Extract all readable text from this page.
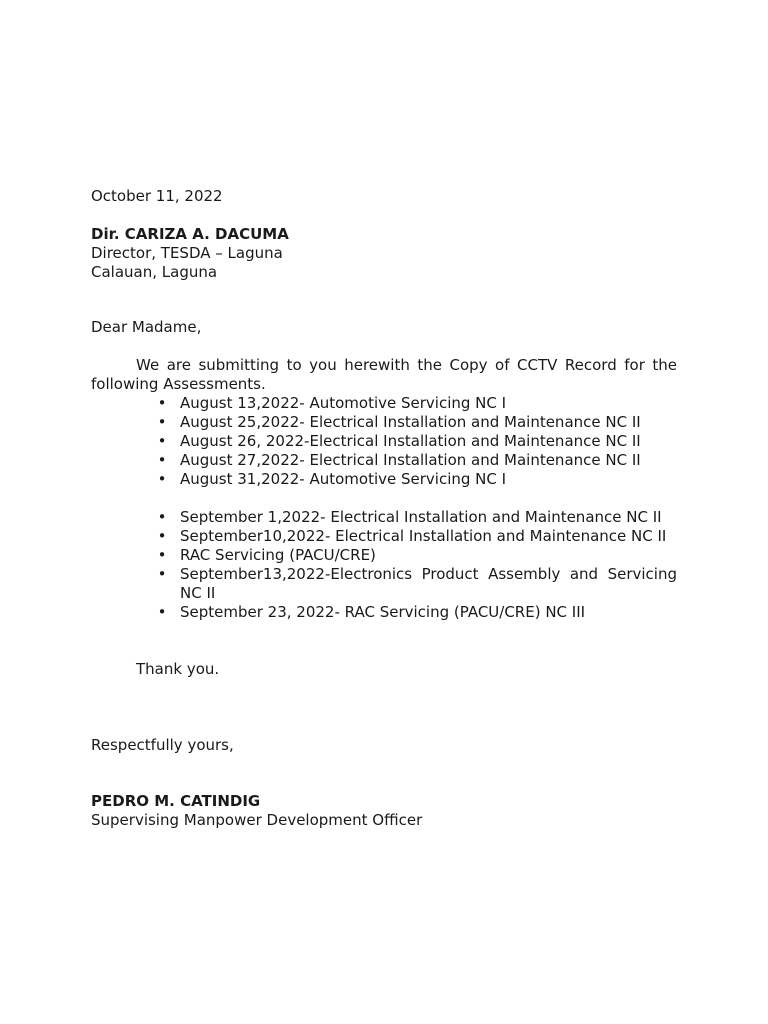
October 11, 2022

Dir. CARIZA A. DACUMA

Director, TESDA – Laguna

Calauan, Laguna

Dear Madame,

We are submitting to you herewith the Copy of CCTV Record for the

following Assessments.

• August 13,2022- Automotive Servicing NC I
• August 25,2022- Electrical Installation and Maintenance NC II
• August 26, 2022-Electrical Installation and Maintenance NC II
• August 27,2022- Electrical Installation and Maintenance NC II
• August 31,2022- Automotive Servicing NC I
• September 1,2022- Electrical Installation and Maintenance NC II
• September10,2022- Electrical Installation and Maintenance NC II
• RAC Servicing (PACU/CRE)
• September13,2022-Electronics Product Assembly and Servicing
NC II
• September 23, 2022- RAC Servicing (PACU/CRE) NC III

Thank you.

Respectfully yours,

PEDRO M. CATINDIG

Supervising Manpower Development Officer
